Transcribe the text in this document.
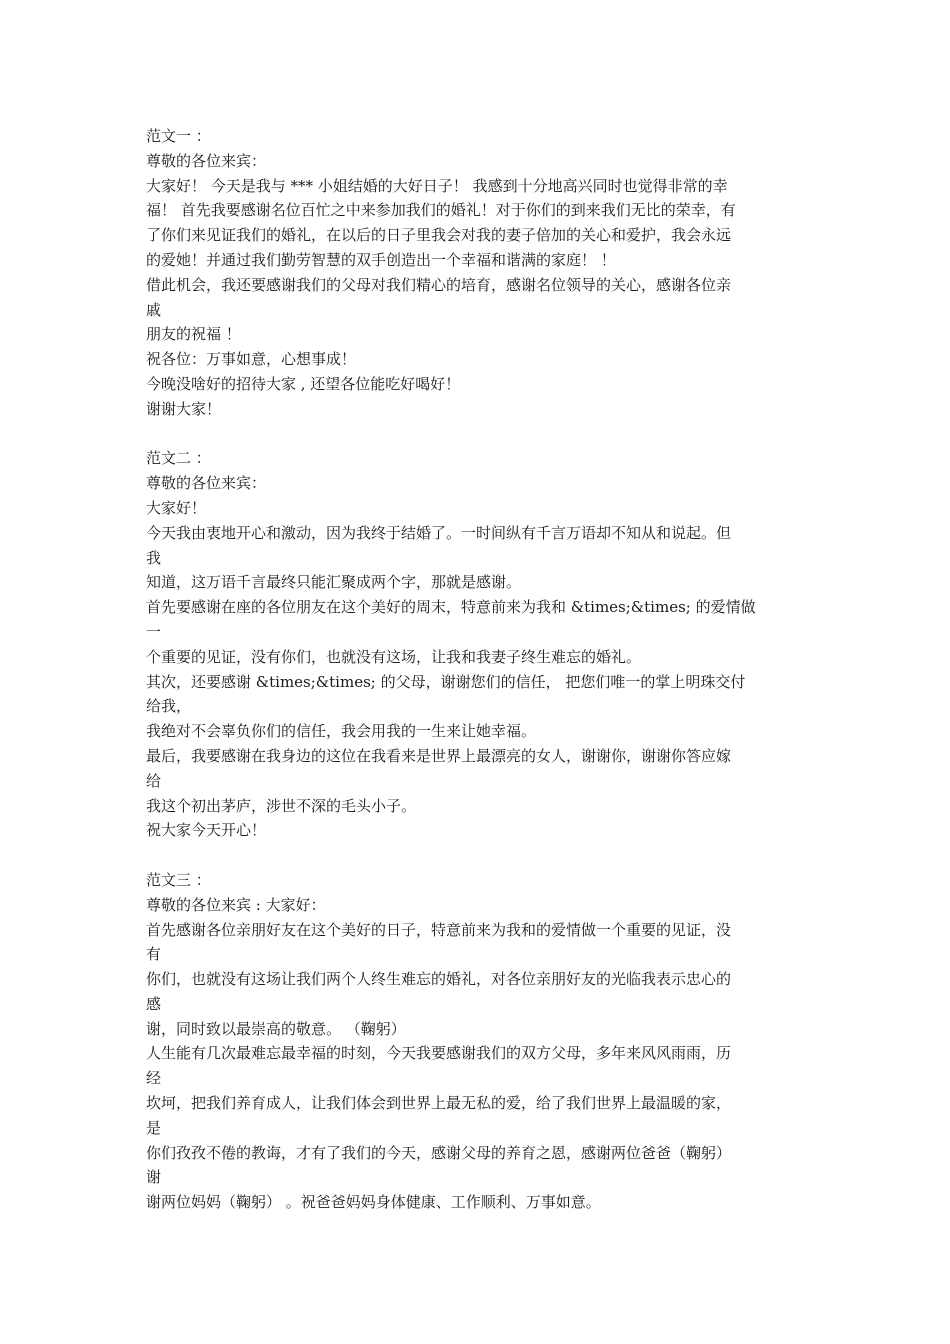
范文一 ：
尊敬的各位来宾：
大家好！ 今天是我与 *** 小姐结婚的大好日子！ 我感到十分地高兴同时也觉得非常的幸
福！ 首先我要感谢名位百忙之中来参加我们的婚礼！对于你们的到来我们无比的荣幸，有
了你们来见证我们的婚礼，在以后的日子里我会对我的妻子倍加的关心和爱护，我会永远
的爱她！并通过我们勤劳智慧的双手创造出一个幸福和谐满的家庭！ ！
借此机会，我还要感谢我们的父母对我们精心的培育，感谢名位领导的关心，感谢各位亲
戚
朋友的祝福 ！
祝各位：万事如意，心想事成！
今晚没啥好的招待大家 , 还望各位能吃好喝好！
谢谢大家！
范文二 ：
尊敬的各位来宾：
大家好！
今天我由衷地开心和激动，因为我终于结婚了。一时间纵有千言万语却不知从和说起。但
我
知道，这万语千言最终只能汇聚成两个字，那就是感谢。
首先要感谢在座的各位朋友在这个美好的周末，特意前来为我和 &times;&times; 的爱情做
一
个重要的见证，没有你们，也就没有这场，让我和我妻子终生难忘的婚礼。
其次，还要感谢 &times;&times; 的父母，谢谢您们的信任， 把您们唯一的掌上明珠交付
给我，
我绝对不会辜负你们的信任，我会用我的一生来让她幸福。
最后，我要感谢在我身边的这位在我看来是世界上最漂亮的女人，谢谢你，谢谢你答应嫁
给
我这个初出茅庐，涉世不深的毛头小子。
祝大家今天开心！
范文三 ：
尊敬的各位来宾 : 大家好：
首先感谢各位亲朋好友在这个美好的日子，特意前来为我和的爱情做一个重要的见证，没
有
你们，也就没有这场让我们两个人终生难忘的婚礼，对各位亲朋好友的光临我表示忠心的
感
谢，同时致以最崇高的敬意。 （鞠躬）
人生能有几次最难忘最幸福的时刻，今天我要感谢我们的双方父母，多年来风风雨雨，历
经
坎坷，把我们养育成人，让我们体会到世界上最无私的爱，给了我们世界上最温暖的家，
是
你们孜孜不倦的教诲，才有了我们的今天，感谢父母的养育之恩，感谢两位爸爸（鞠躬）
谢
谢两位妈妈（鞠躬） 。祝爸爸妈妈身体健康、工作顺利、万事如意。
